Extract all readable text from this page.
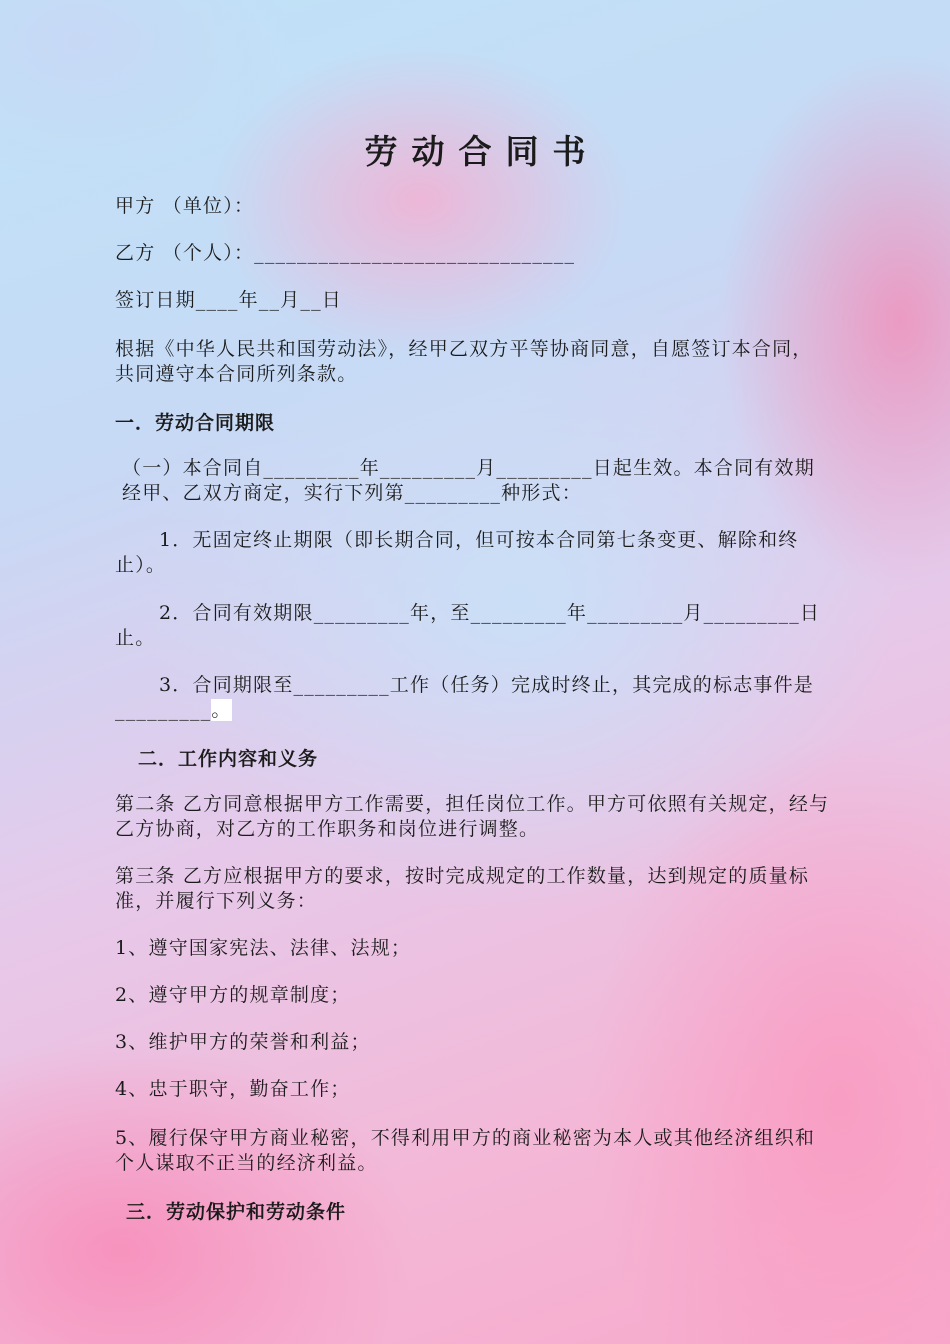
劳动合同书
甲方 （单位）：
乙方 （个人）：______________________________
签订日期____年__月__日
根据《中华人民共和国劳动法》，经甲乙双方平等协商同意，自愿签订本合同，共同遵守本合同所列条款。
一．劳动合同期限
（一）本合同自_________年_________月_________日起生效。本合同有效期经甲、乙双方商定，实行下列第_________种形式：
1．无固定终止期限（即长期合同，但可按本合同第七条变更、解除和终止）。
2．合同有效期限_________年，至_________年_________月_________日止。
3．合同期限至_________工作（任务）完成时终止，其完成的标志事件是_________。
二．工作内容和义务
第二条 乙方同意根据甲方工作需要，担任岗位工作。甲方可依照有关规定，经与乙方协商，对乙方的工作职务和岗位进行调整。
第三条 乙方应根据甲方的要求，按时完成规定的工作数量，达到规定的质量标准，并履行下列义务：
1、遵守国家宪法、法律、法规；
2、遵守甲方的规章制度；
3、维护甲方的荣誉和利益；
4、忠于职守，勤奋工作；
5、履行保守甲方商业秘密，不得利用甲方的商业秘密为本人或其他经济组织和个人谋取不正当的经济利益。
三．劳动保护和劳动条件
